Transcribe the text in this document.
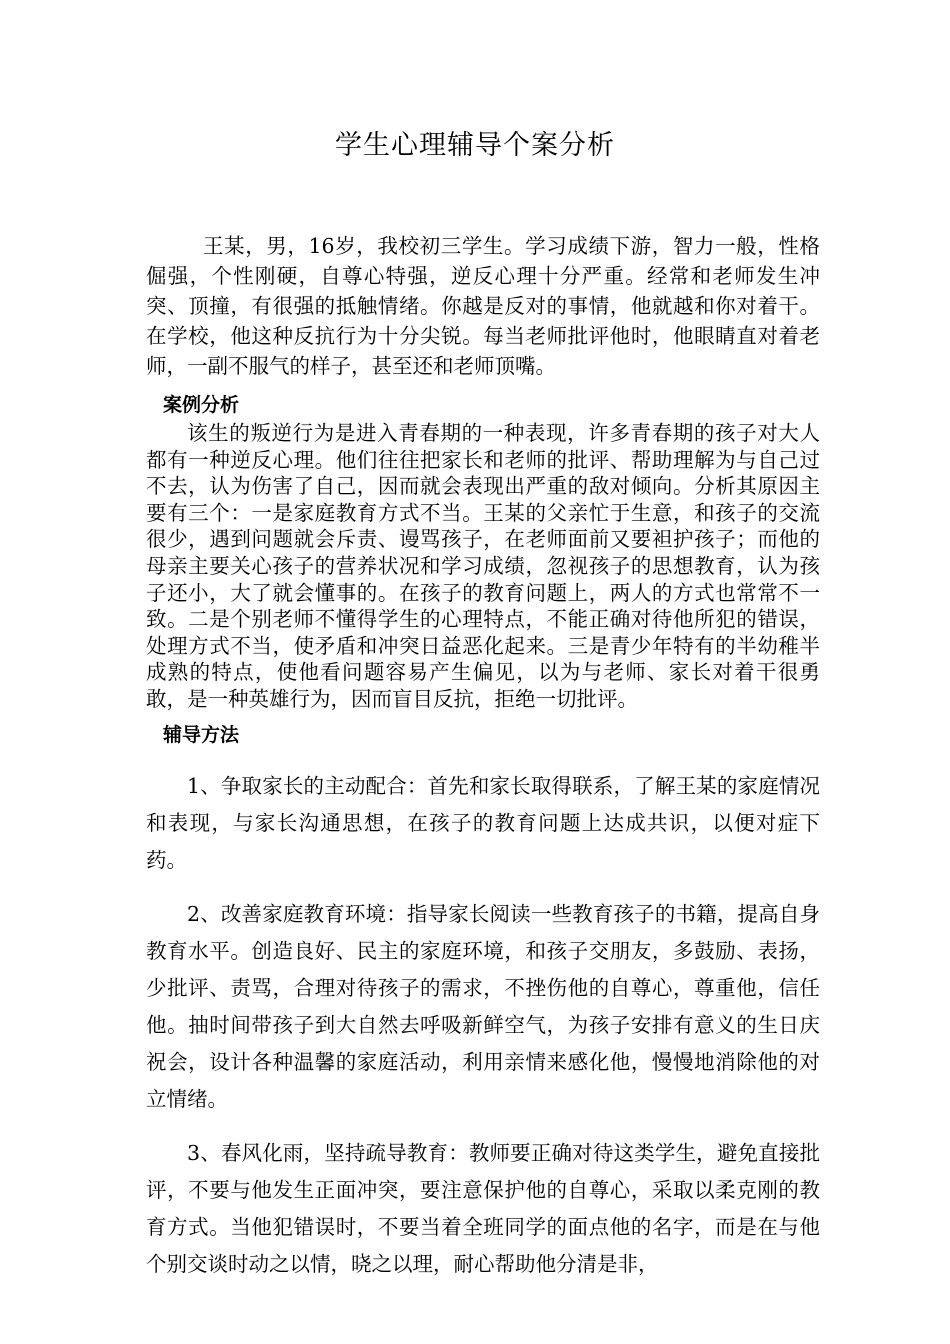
学生心理辅导个案分析

王某，男，16岁，我校初三学生。学习成绩下游，智力一般，性格倔强，个性刚硬，自尊心特强，逆反心理十分严重。经常和老师发生冲突、顶撞，有很强的抵触情绪。你越是反对的事情，他就越和你对着干。在学校，他这种反抗行为十分尖锐。每当老师批评他时，他眼睛直对着老师，一副不服气的样子，甚至还和老师顶嘴。

案例分析

该生的叛逆行为是进入青春期的一种表现，许多青春期的孩子对大人都有一种逆反心理。他们往往把家长和老师的批评、帮助理解为与自己过不去，认为伤害了自己，因而就会表现出严重的敌对倾向。分析其原因主要有三个：一是家庭教育方式不当。王某的父亲忙于生意，和孩子的交流很少，遇到问题就会斥责、谩骂孩子，在老师面前又要袒护孩子；而他的母亲主要关心孩子的营养状况和学习成绩，忽视孩子的思想教育，认为孩子还小，大了就会懂事的。在孩子的教育问题上，两人的方式也常常不一致。二是个别老师不懂得学生的心理特点，不能正确对待他所犯的错误，处理方式不当，使矛盾和冲突日益恶化起来。三是青少年特有的半幼稚半成熟的特点，使他看问题容易产生偏见，以为与老师、家长对着干很勇敢，是一种英雄行为，因而盲目反抗，拒绝一切批评。

辅导方法

1、争取家长的主动配合：首先和家长取得联系，了解王某的家庭情况和表现，与家长沟通思想，在孩子的教育问题上达成共识，以便对症下药。

2、改善家庭教育环境：指导家长阅读一些教育孩子的书籍，提高自身教育水平。创造良好、民主的家庭环境，和孩子交朋友，多鼓励、表扬，少批评、责骂，合理对待孩子的需求，不挫伤他的自尊心，尊重他，信任他。抽时间带孩子到大自然去呼吸新鲜空气，为孩子安排有意义的生日庆祝会，设计各种温馨的家庭活动，利用亲情来感化他，慢慢地消除他的对立情绪。

3、春风化雨，坚持疏导教育：教师要正确对待这类学生，避免直接批评，不要与他发生正面冲突，要注意保护他的自尊心，采取以柔克刚的教育方式。当他犯错误时，不要当着全班同学的面点他的名字，而是在与他个别交谈时动之以情，晓之以理，耐心帮助他分清是非，
